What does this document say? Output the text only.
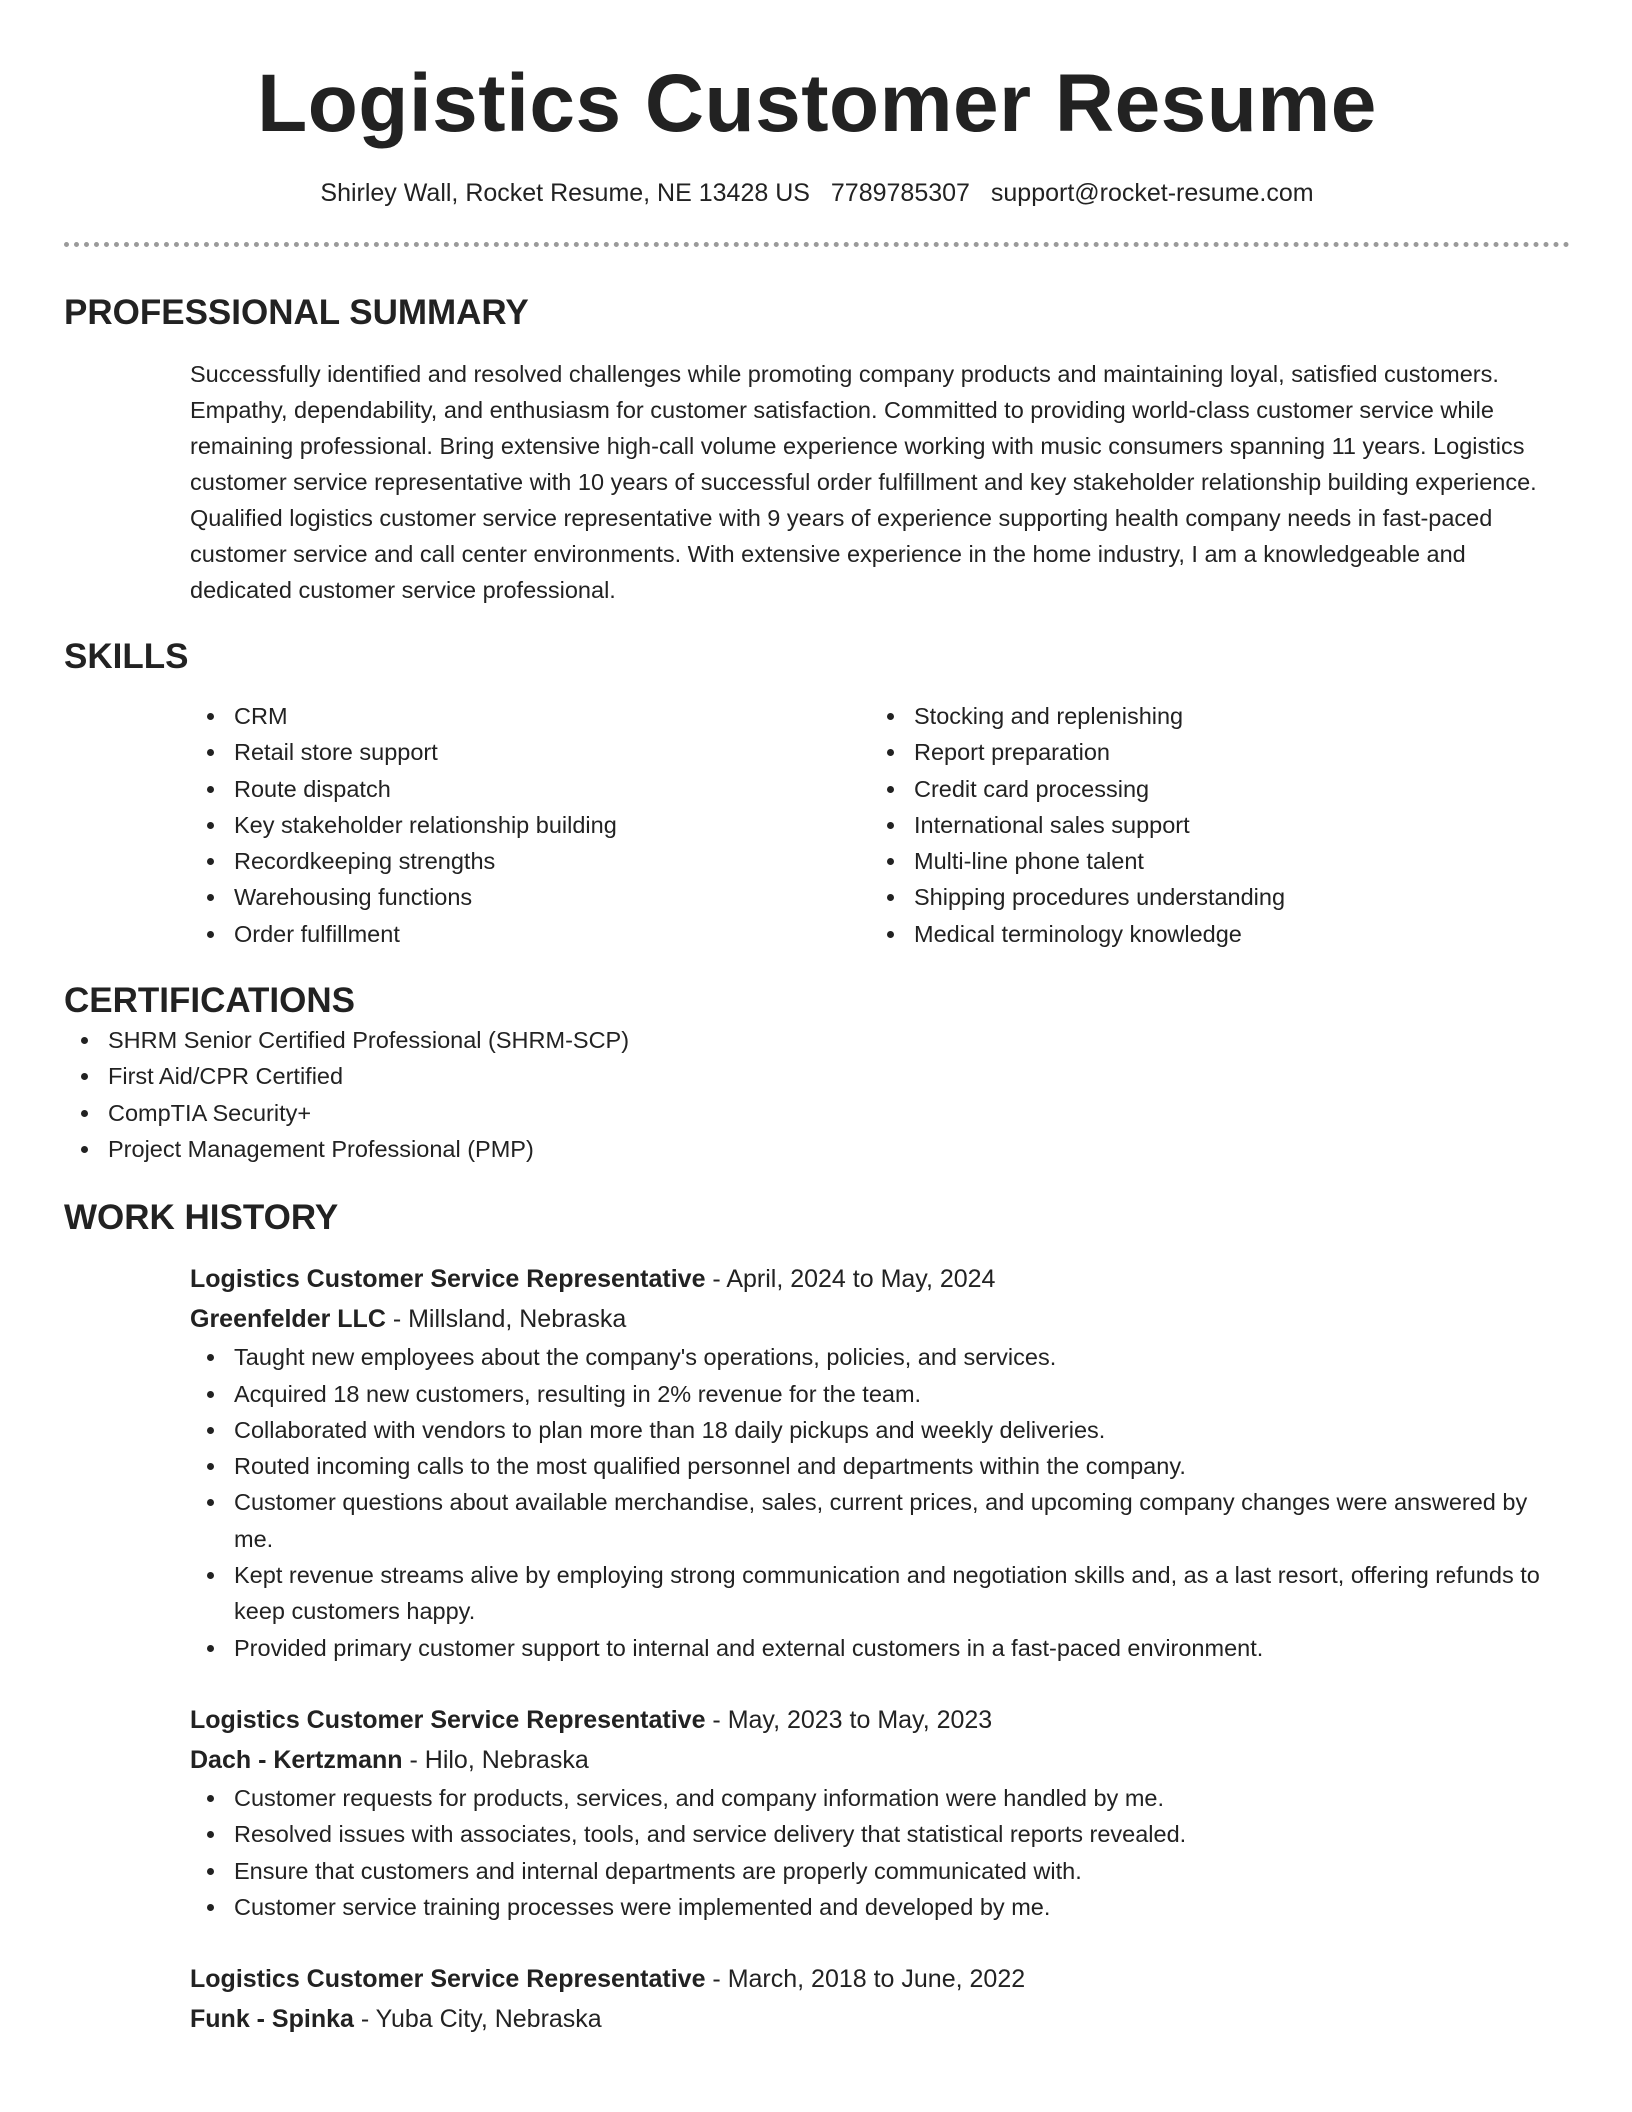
Logistics Customer Resume
Shirley Wall, Rocket Resume, NE 13428 US 7789785307 support@rocket-resume.com
PROFESSIONAL SUMMARY
Successfully identified and resolved challenges while promoting company products and maintaining loyal, satisfied customers. Empathy, dependability, and enthusiasm for customer satisfaction. Committed to providing world-class customer service while remaining professional. Bring extensive high-call volume experience working with music consumers spanning 11 years. Logistics customer service representative with 10 years of successful order fulfillment and key stakeholder relationship building experience. Qualified logistics customer service representative with 9 years of experience supporting health company needs in fast-paced customer service and call center environments. With extensive experience in the home industry, I am a knowledgeable and dedicated customer service professional.
SKILLS
CRM
Retail store support
Route dispatch
Key stakeholder relationship building
Recordkeeping strengths
Warehousing functions
Order fulfillment
Stocking and replenishing
Report preparation
Credit card processing
International sales support
Multi-line phone talent
Shipping procedures understanding
Medical terminology knowledge
CERTIFICATIONS
SHRM Senior Certified Professional (SHRM-SCP)
First Aid/CPR Certified
CompTIA Security+
Project Management Professional (PMP)
WORK HISTORY
Logistics Customer Service Representative - April, 2024 to May, 2024
Greenfelder LLC - Millsland, Nebraska
Taught new employees about the company's operations, policies, and services.
Acquired 18 new customers, resulting in 2% revenue for the team.
Collaborated with vendors to plan more than 18 daily pickups and weekly deliveries.
Routed incoming calls to the most qualified personnel and departments within the company.
Customer questions about available merchandise, sales, current prices, and upcoming company changes were answered by me.
Kept revenue streams alive by employing strong communication and negotiation skills and, as a last resort, offering refunds to keep customers happy.
Provided primary customer support to internal and external customers in a fast-paced environment.
Logistics Customer Service Representative - May, 2023 to May, 2023
Dach - Kertzmann - Hilo, Nebraska
Customer requests for products, services, and company information were handled by me.
Resolved issues with associates, tools, and service delivery that statistical reports revealed.
Ensure that customers and internal departments are properly communicated with.
Customer service training processes were implemented and developed by me.
Logistics Customer Service Representative - March, 2018 to June, 2022
Funk - Spinka - Yuba City, Nebraska
